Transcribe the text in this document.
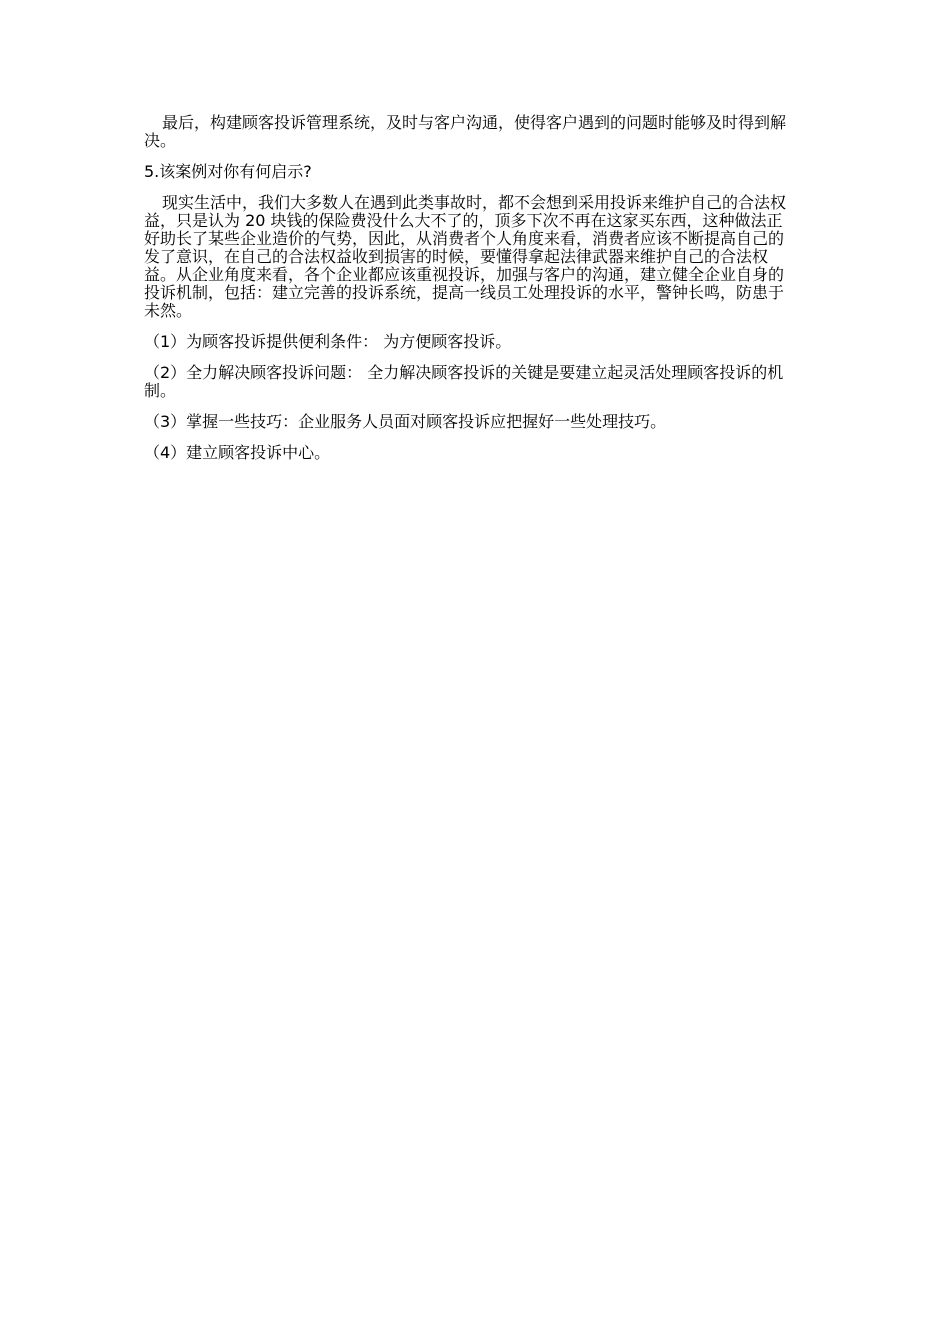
最后，构建顾客投诉管理系统，及时与客户沟通，使得客户遇到的问题时能够及时得到解决。

5.该案例对你有何启示?

现实生活中，我们大多数人在遇到此类事故时，都不会想到采用投诉来维护自己的合法权益，只是认为 20 块钱的保险费没什么大不了的，顶多下次不再在这家买东西，这种做法正好助长了某些企业造价的气势，因此，从消费者个人角度来看，消费者应该不断提高自己的发了意识，在自己的合法权益收到损害的时候，要懂得拿起法律武器来维护自己的合法权益。从企业角度来看，各个企业都应该重视投诉，加强与客户的沟通，建立健全企业自身的投诉机制，包括：建立完善的投诉系统，提高一线员工处理投诉的水平，警钟长鸣，防患于未然。

（1）为顾客投诉提供便利条件： 为方便顾客投诉。

（2）全力解决顾客投诉问题： 全力解决顾客投诉的关键是要建立起灵活处理顾客投诉的机制。

（3）掌握一些技巧：企业服务人员面对顾客投诉应把握好一些处理技巧。

（4）建立顾客投诉中心。
